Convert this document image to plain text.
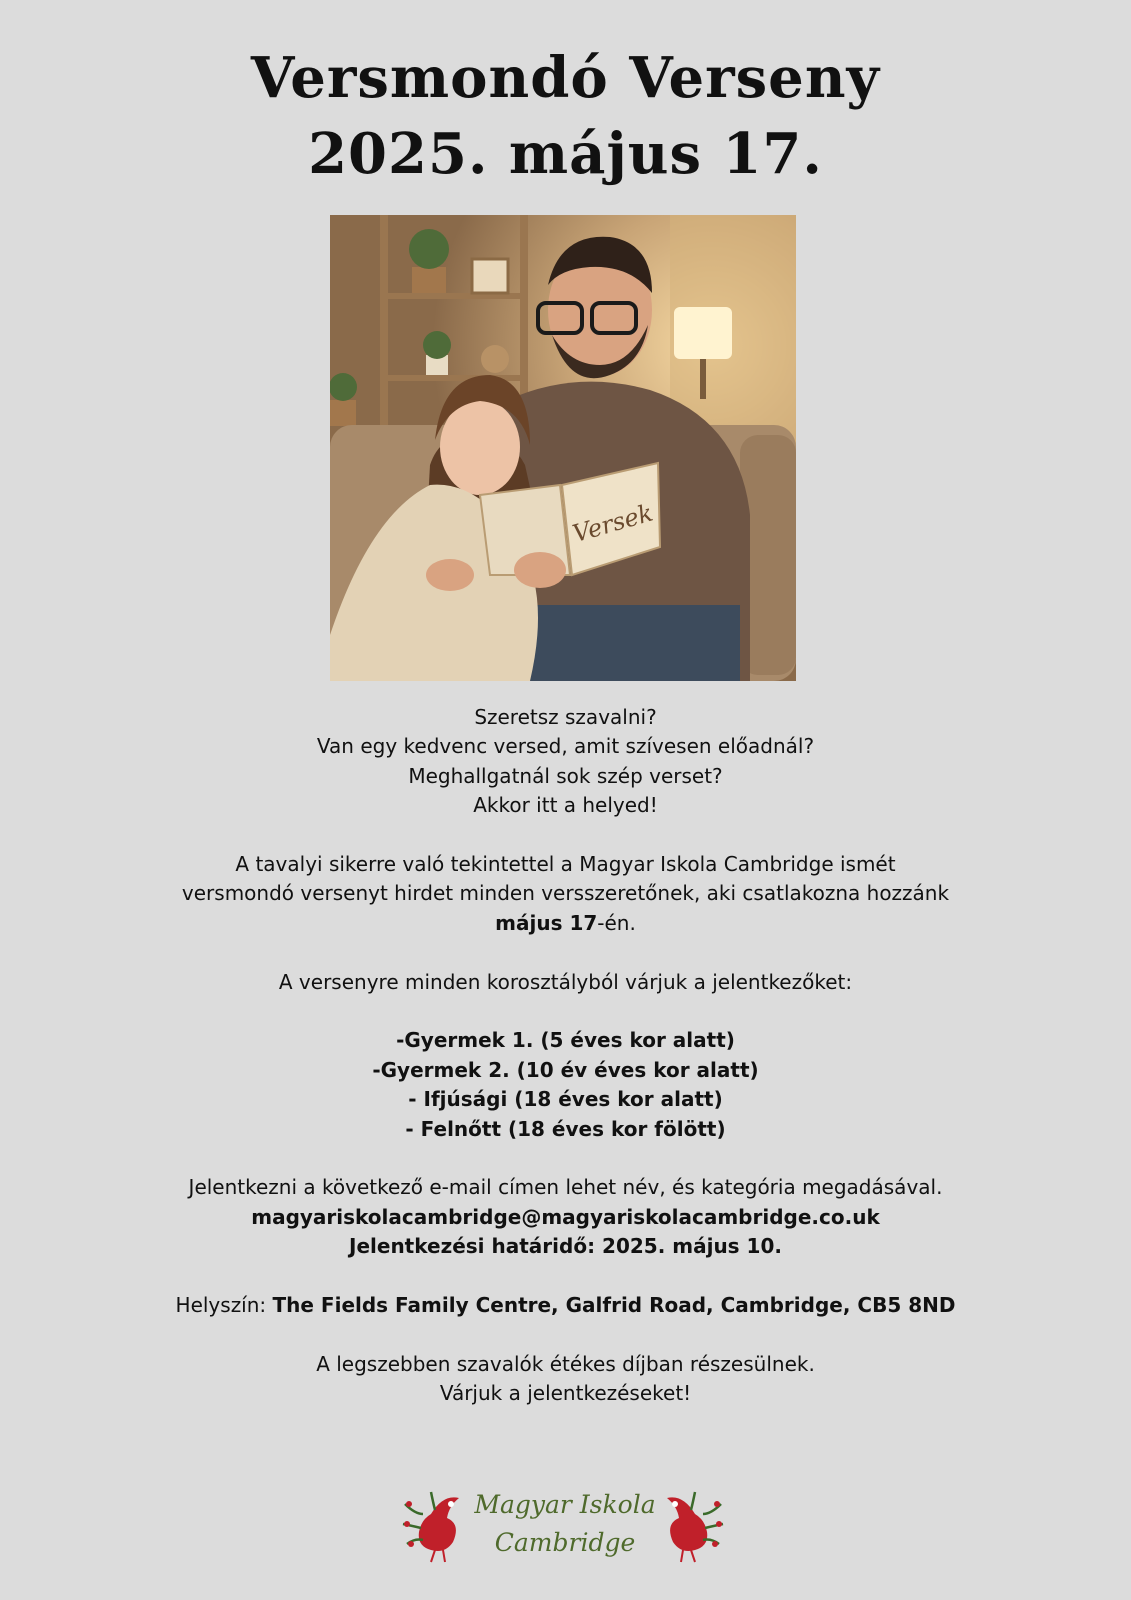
Versmondó Verseny
2025. május 17.
Versek

Szeretsz szavalni?

Van egy kedvenc versed, amit szívesen előadnál?

Meghallgatnál sok szép verset?

Akkor itt a helyed!

A tavalyi sikerre való tekintettel a Magyar Iskola Cambridge ismét

versmondó versenyt hirdet minden versszeretőnek, aki csatlakozna hozzánk

május 17-én.

A versenyre minden korosztályból várjuk a jelentkezőket:

-Gyermek 1. (5 éves kor alatt)

-Gyermek 2. (10 év éves kor alatt)

- Ifjúsági (18 éves kor alatt)

- Felnőtt (18 éves kor fölött)

Jelentkezni a következő e-mail címen lehet név, és kategória megadásával.

magyariskolacambridge@magyariskolacambridge.co.uk

Jelentkezési határidő: 2025. május 10.

Helyszín: The Fields Family Centre, Galfrid Road, Cambridge, CB5 8ND

A legszebben szavalók étékes díjban részesülnek.

Várjuk a jelentkezéseket!

Magyar Iskola
Cambridge
